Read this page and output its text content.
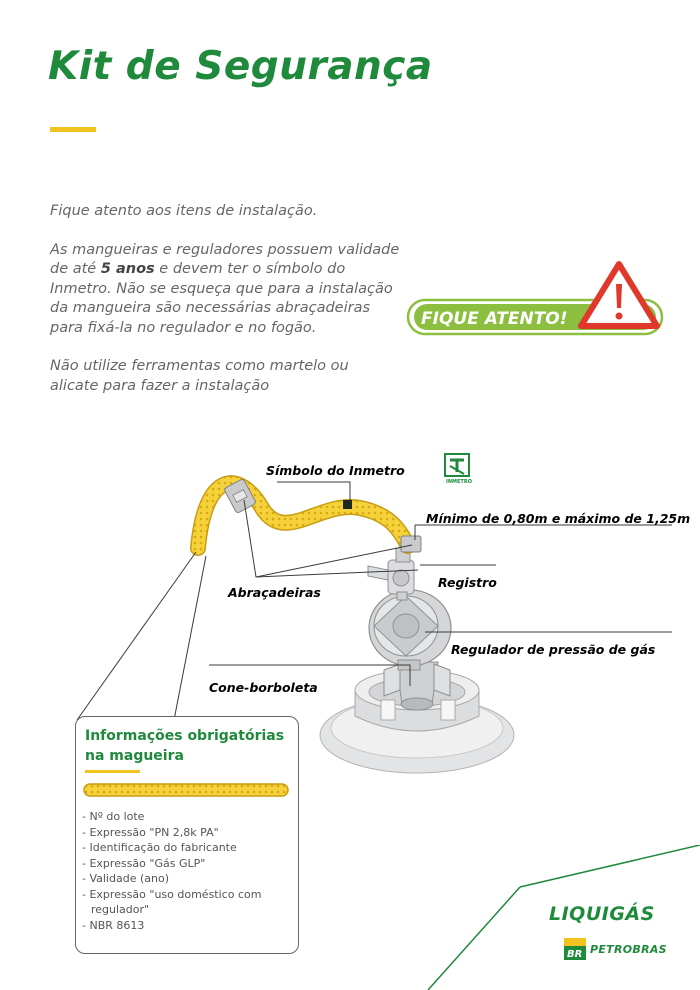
Kit de Segurança

Fique atento aos itens de instalação.

As mangueiras e reguladores possuem validade de até 5 anos e devem ter o símbolo do Inmetro. Não se esqueça que para a instalação da mangueira são necessárias abraçadeiras para fixá-la no regulador e no fogão.

Não utilize ferramentas como martelo ou alicate para fazer a instalação

FIQUE ATENTO!
Símbolo do Inmetro
Mínimo de 0,80m e máximo de 1,25m
Registro
Abraçadeiras
Regulador de pressão de gás
Cone-borboleta
INMETRO
Informações obrigatórias na magueira
- Nº do lote
- Expressão "PN 2,8k PA"
- Identificação do fabricante
- Expressão "Gás GLP"
- Validade (ano)
- Expressão "uso doméstico com regulador"
- NBR 8613	LIQUIGÁS
BR PETROBRAS
